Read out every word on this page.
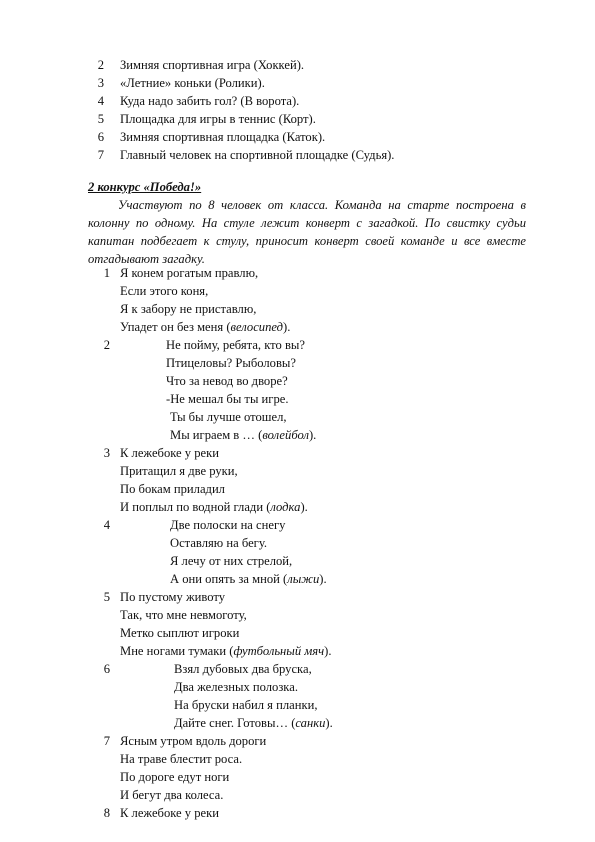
2 Зимняя спортивная игра (Хоккей).
3 «Летние» коньки (Ролики).
4 Куда надо забить гол? (В ворота).
5 Площадка для игры в теннис (Корт).
6 Зимняя спортивная площадка (Каток).
7 Главный человек на спортивной площадке (Судья).
2 конкурс «Победа!»
Участвуют по 8 человек от класса. Команда на старте построена в колонну по одному. На стуле лежит конверт с загадкой. По свистку судьи капитан подбегает к стулу, приносит конверт своей команде и все вместе отгадывают загадку.
1 Я конем рогатым правлю,
Если этого коня,
Я к забору не приставлю,
Упадет он без меня (велосипед).
2	Не пойму, ребята, кто вы?
Птицеловы? Рыболовы?
Что за невод во дворе?
-Не мешал бы ты игре.
Ты бы лучше отошел,
Мы играем в … (волейбол).
3 К лежебоке у реки
Притащил я две руки,
По бокам приладил
И поплыл по водной глади (лодка).
4	Две полоски на снегу
Оставляю на бегу.
Я лечу от них стрелой,
А они опять за мной (лыжи).
5 По пустому животу
Так, что мне невмоготу,
Метко сыплют игроки
Мне ногами тумаки (футбольный мяч).
6	Взял дубовых два бруска,
Два железных полозка.
На бруски набил я планки,
Дайте снег. Готовы… (санки).
7 Ясным утром вдоль дороги
На траве блестит роса.
По дороге едут ноги
И бегут два колеса.
8 К лежебоке у реки
